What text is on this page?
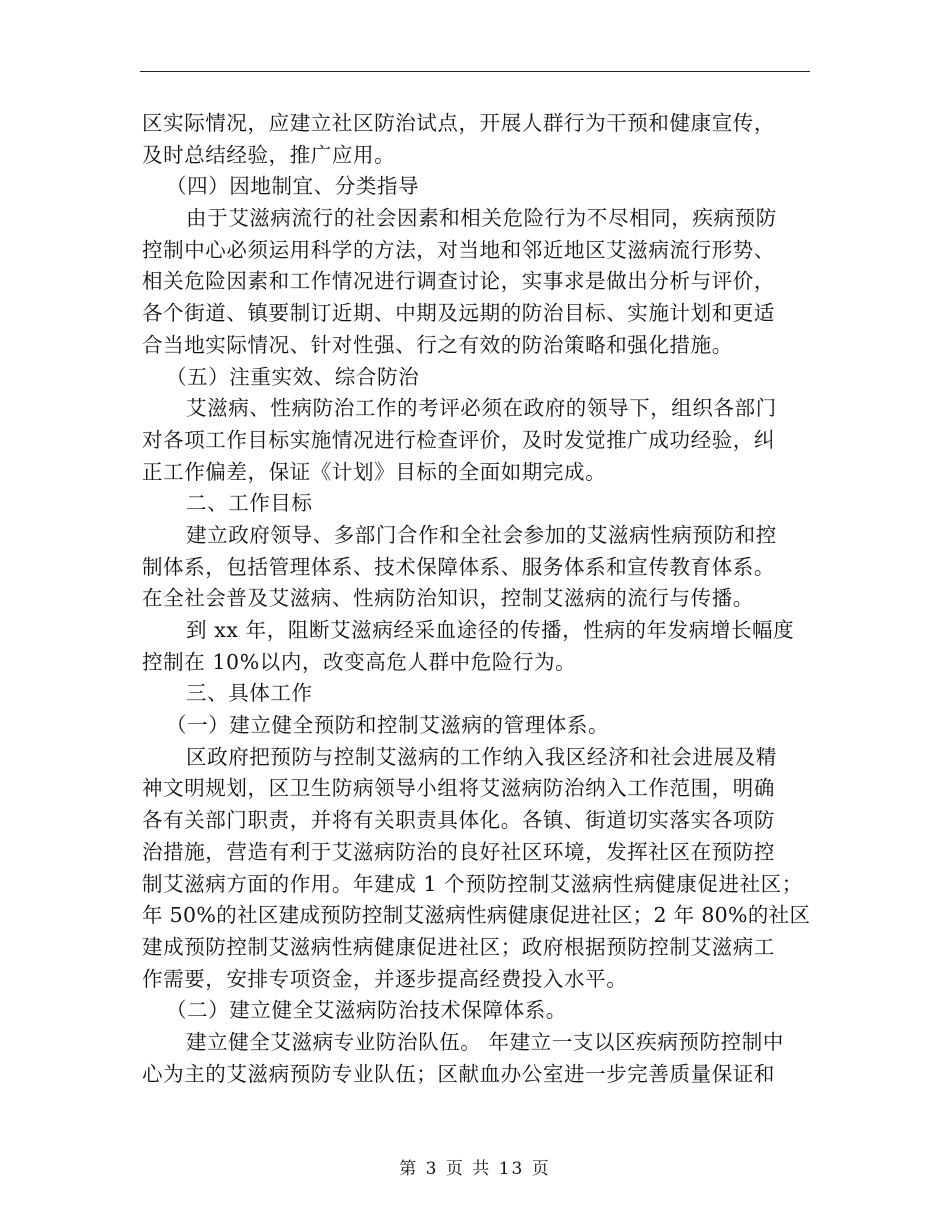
区实际情况，应建立社区防治试点，开展人群行为干预和健康宣传，
及时总结经验，推广应用。
（四）因地制宜、分类指导
由于艾滋病流行的社会因素和相关危险行为不尽相同，疾病预防
控制中心必须运用科学的方法，对当地和邻近地区艾滋病流行形势、
相关危险因素和工作情况进行调查讨论，实事求是做出分析与评价，
各个街道、镇要制订近期、中期及远期的防治目标、实施计划和更适
合当地实际情况、针对性强、行之有效的防治策略和强化措施。
（五）注重实效、综合防治
艾滋病、性病防治工作的考评必须在政府的领导下，组织各部门
对各项工作目标实施情况进行检查评价，及时发觉推广成功经验，纠
正工作偏差，保证《计划》目标的全面如期完成。
二、工作目标
建立政府领导、多部门合作和全社会参加的艾滋病性病预防和控
制体系，包括管理体系、技术保障体系、服务体系和宣传教育体系。
在全社会普及艾滋病、性病防治知识，控制艾滋病的流行与传播。
到 xx 年，阻断艾滋病经采血途径的传播，性病的年发病增长幅度
控制在 10%以内，改变高危人群中危险行为。
三、具体工作
（一）建立健全预防和控制艾滋病的管理体系。
区政府把预防与控制艾滋病的工作纳入我区经济和社会进展及精
神文明规划，区卫生防病领导小组将艾滋病防治纳入工作范围，明确
各有关部门职责，并将有关职责具体化。各镇、街道切实落实各项防
治措施，营造有利于艾滋病防治的良好社区环境，发挥社区在预防控
制艾滋病方面的作用。年建成 1 个预防控制艾滋病性病健康促进社区；
年 50%的社区建成预防控制艾滋病性病健康促进社区；2 年 80%的社区
建成预防控制艾滋病性病健康促进社区；政府根据预防控制艾滋病工
作需要，安排专项资金，并逐步提高经费投入水平。
（二）建立健全艾滋病防治技术保障体系。
建立健全艾滋病专业防治队伍。 年建立一支以区疾病预防控制中
心为主的艾滋病预防专业队伍；区献血办公室进一步完善质量保证和
第 3 页 共 13 页
